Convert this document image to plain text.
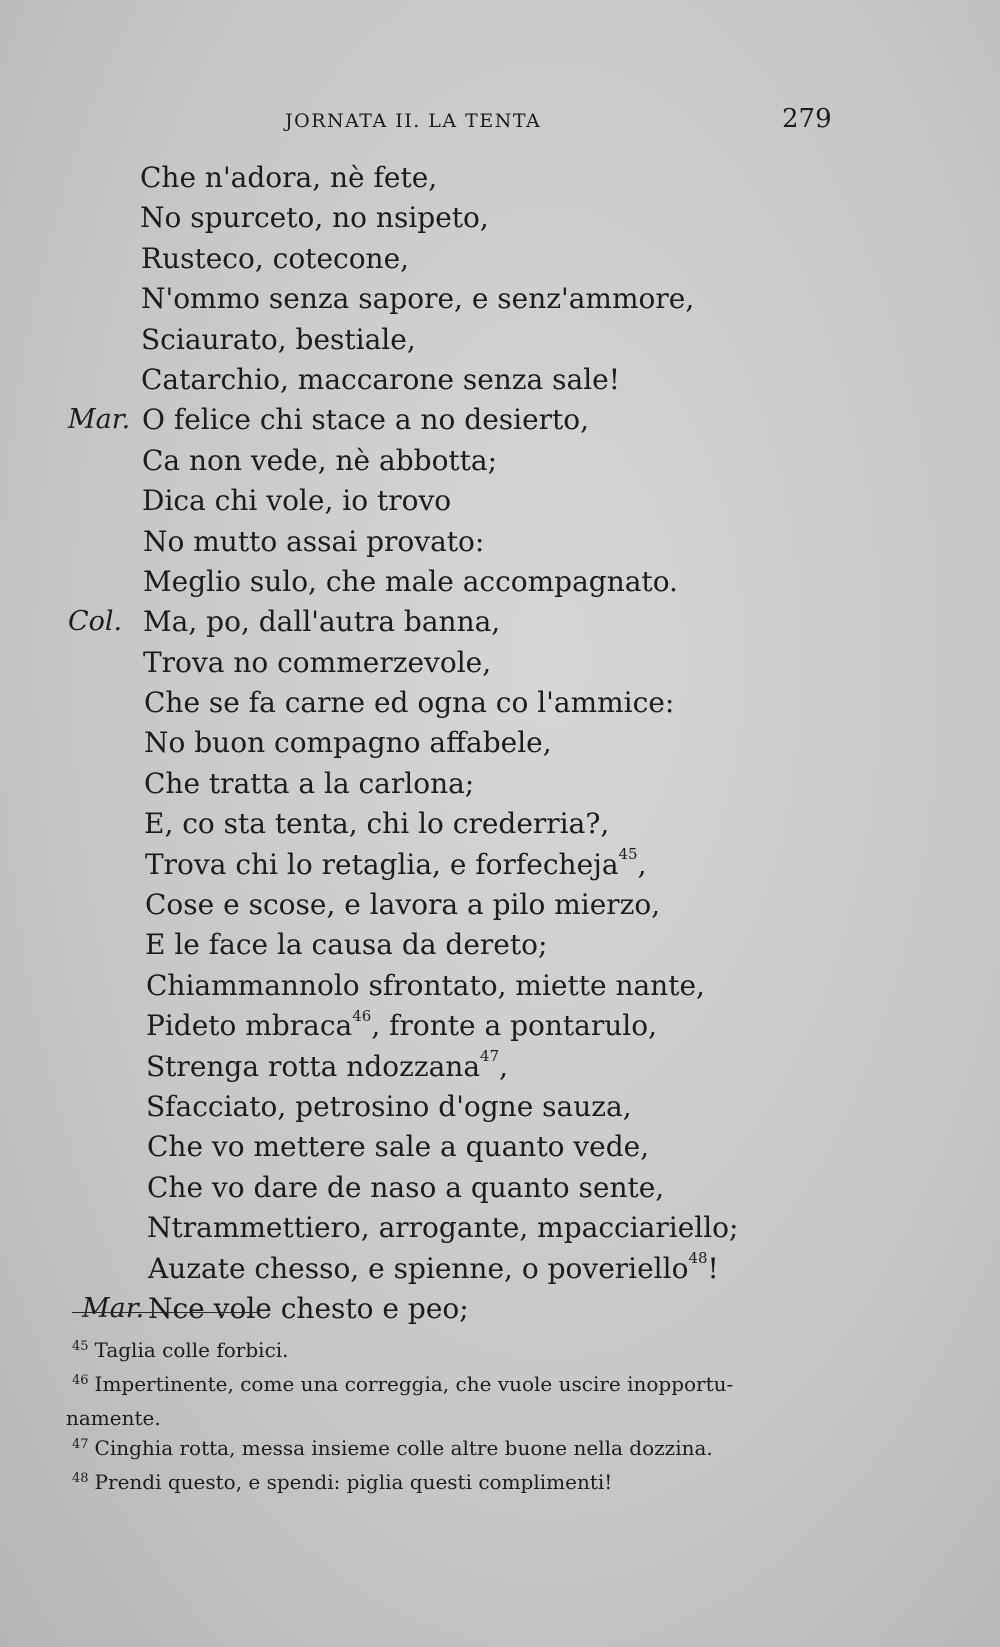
JORNATA II. LA TENTA	279
Che n'adora, nè fete,
No spurceto, no nsipeto,
Rusteco, cotecone,
N'ommo senza sapore, e senz'ammore,
Sciaurato, bestiale,
Catarchio, maccarone senza sale!
Mar. O felice chi stace a no desierto,
Ca non vede, nè abbotta;
Dica chi vole, io trovo
No mutto assai provato:
Meglio sulo, che male accompagnato.
Col. Ma, po, dall'autra banna,
Trova no commerzevole,
Che se fa carne ed ogna co l'ammice:
No buon compagno affabele,
Che tratta a la carlona;
E, co sta tenta, chi lo crederria?,
Trova chi lo retaglia, e forfecheja$^{45}$,
Cose e scose, e lavora a pilo mierzo,
E le face la causa da dereto;
Chiammannolo sfrontato, miette nante,
Pideto mbraca$^{46}$, fronte a pontarulo,
Strenga rotta ndozzana$^{47}$,
Sfacciato, petrosino d'ogne sauza,
Che vo mettere sale a quanto vede,
Che vo dare de naso a quanto sente,
Ntrammettiero, arrogante, mpacciariello;
Auzate chesso, e spienne, o poveriello$^{48}$!
Mar. Nce vole chesto e peo;
$^{45}$ Taglia colle forbici.
$^{46}$ Impertinente, come una correggia, che vuole uscire inopportu-
namente.
$^{47}$ Cinghia rotta, messa insieme colle altre buone nella dozzina.
$^{48}$ Prendi questo, e spendi: piglia questi complimenti!
